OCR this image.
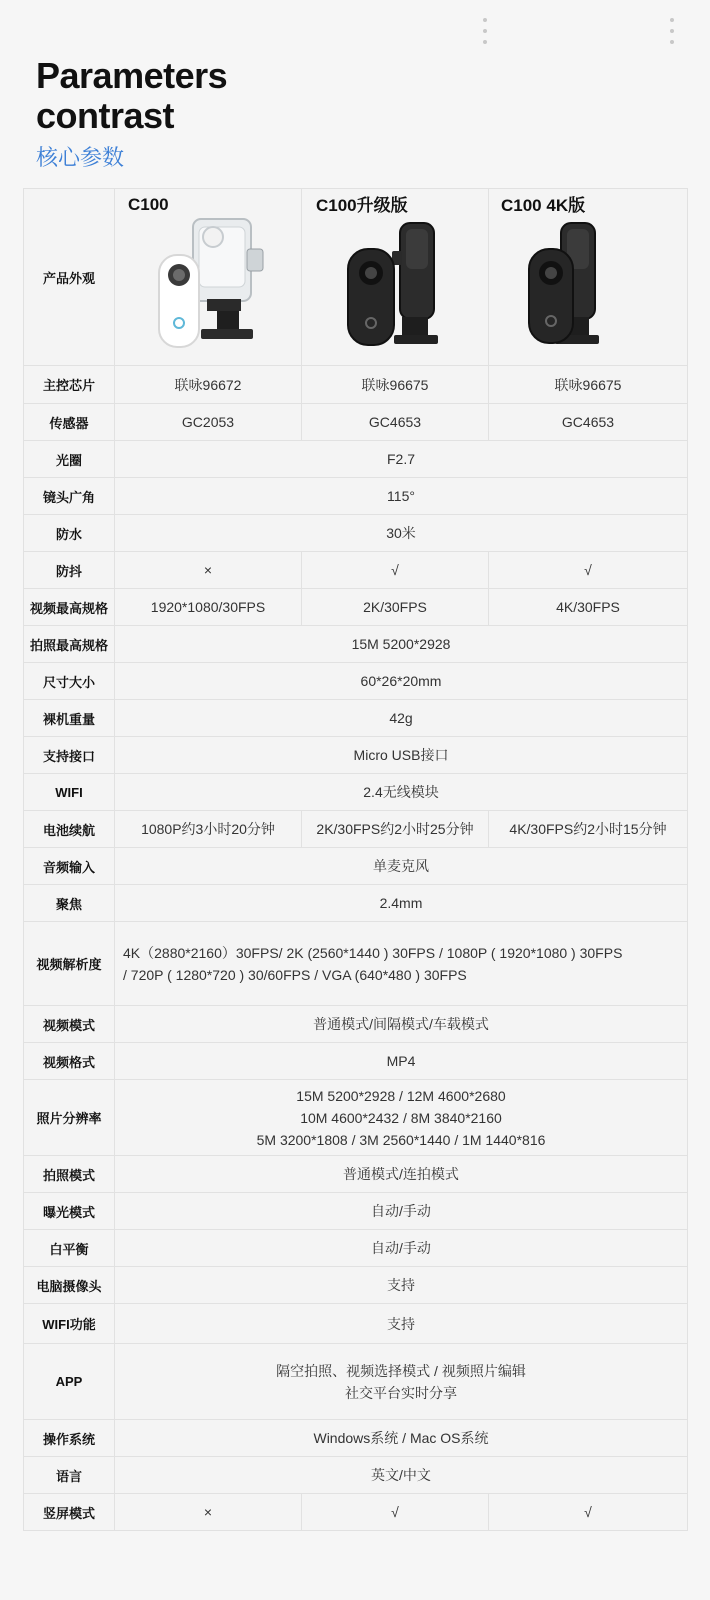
Parameters
contrast
核心参数
产品外观	C100	C100升级版	C100 4K版

主控芯片	联咏96672	联咏96675	联咏96675
传感器	GC2053	GC4653	GC4653
光圈	F2.7		
镜头广角	115°		
防水	30米		
防抖	×	√	√
视频最高规格	1920*1080/30FPS	2K/30FPS	4K/30FPS
拍照最高规格	15M 5200*2928		
尺寸大小	60*26*20mm		
裸机重量	42g		
支持接口	Micro USB接口		
WIFI	2.4无线模块		
电池续航	1080P约3小时20分钟	2K/30FPS约2小时25分钟	4K/30FPS约2小时15分钟
音频输入	单麦克风		
聚焦	2.4mm		
视频解析度	4K（2880*2160）30FPS/ 2K (2560*1440 ) 30FPS / 1080P ( 1920*1080 ) 30FPS
/ 720P ( 1280*720 ) 30/60FPS / VGA (640*480 ) 30FPS		

视频模式	普通模式/间隔模式/车载模式		
视频格式	MP4		
照片分辨率	15M 5200*2928 / 12M 4600*2680
10M 4600*2432 / 8M 3840*2160
5M 3200*1808 / 3M 2560*1440 / 1M 1440*816		

拍照模式	普通模式/连拍模式		
曝光模式	自动/手动		
白平衡	自动/手动		
电脑摄像头	支持		
WIFI功能	支持		
APP	隔空拍照、视频选择模式 / 视频照片编辑
社交平台实时分享		

操作系统	Windows系统 / Mac OS系统		
语言	英文/中文		
竖屏模式	×	√	√
